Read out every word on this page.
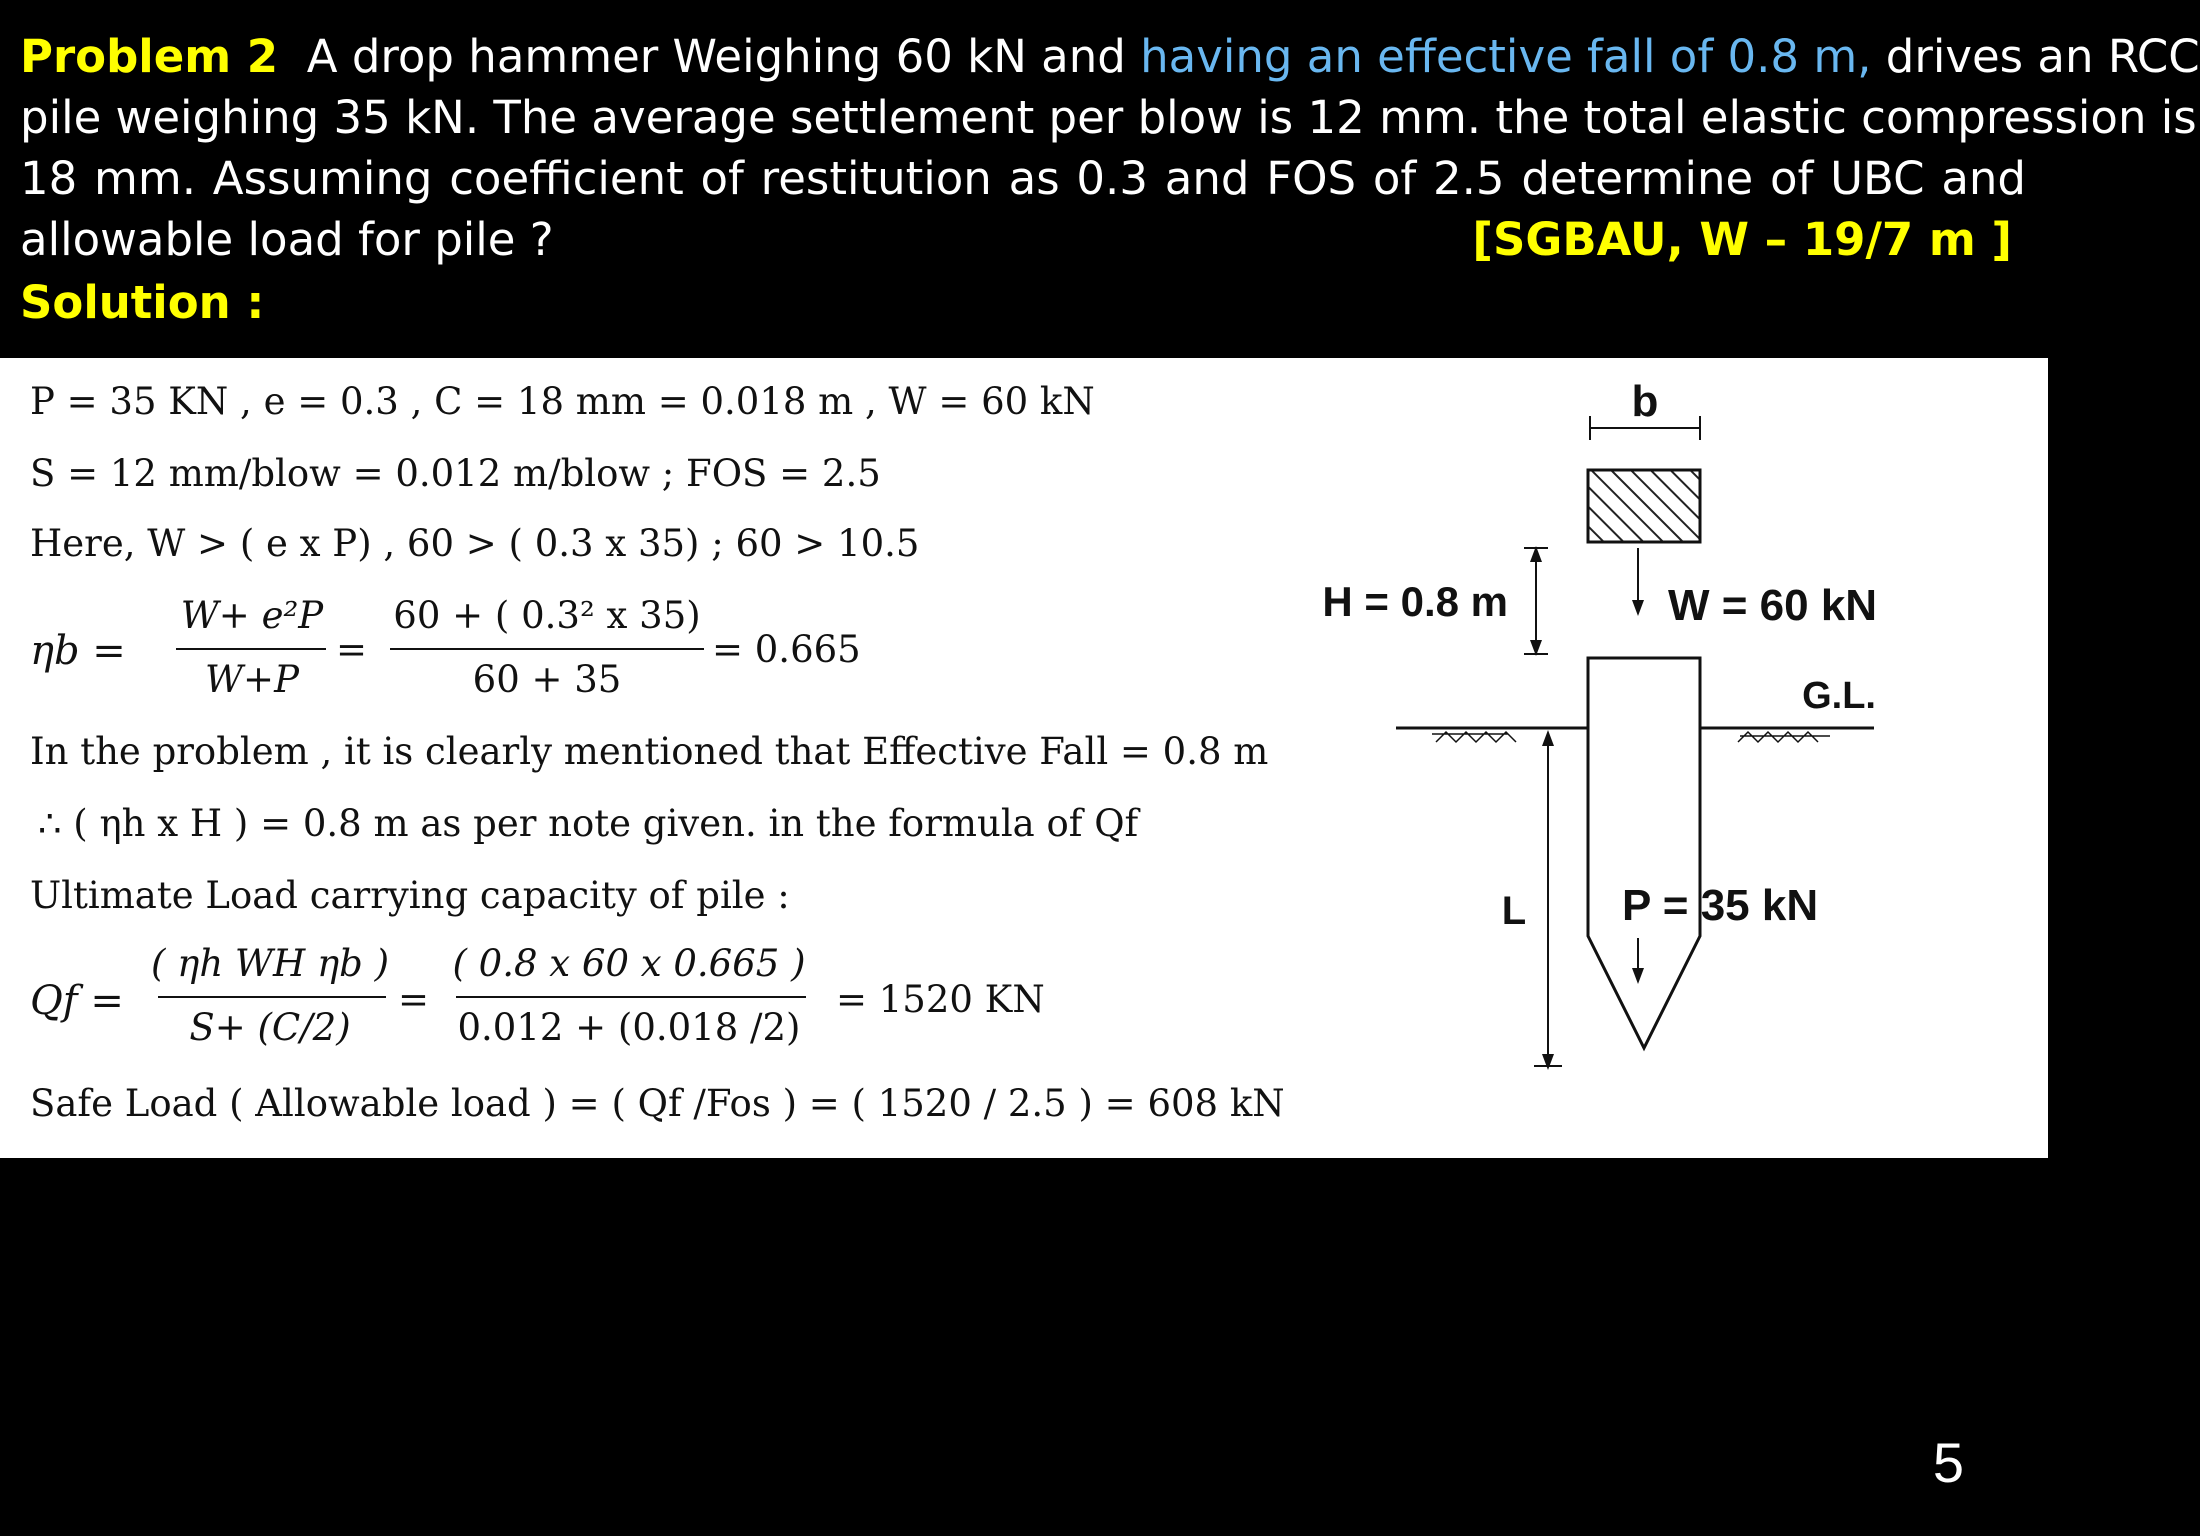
Problem 2 A drop hammer Weighing 60 kN and having an effective fall of 0.8 m, drives an RCC
pile weighing 35 kN. The average settlement per blow is 12 mm. the total elastic compression is
18 mm. Assuming coefficient of restitution as 0.3 and FOS of 2.5 determine of UBC and
allowable load for pile ?	[SGBAU, W – 19/7 m ]
Solution :
P = 35 KN , e = 0.3 , C = 18 mm = 0.018 m , W = 60 kN
S = 12 mm/blow = 0.012 m/blow ; FOS = 2.5
Here, W > ( e x P) , 60 > ( 0.3 x 35) ; 60 > 10.5
ηb =
W+ e²P
W+P
=
60 + ( 0.3² x 35)
60 + 35
= 0.665
In the problem , it is clearly mentioned that Effective Fall = 0.8 m
∴ ( ηh x H ) = 0.8 m as per note given. in the formula of Qf
Ultimate Load carrying capacity of pile :
Qf =
( ηh WH ηb )
S+ (C/2)
=
( 0.8 x 60 x 0.665 )
0.012 + (0.018 /2)
= 1520 KN
Safe Load ( Allowable load ) = ( Qf /Fos ) = ( 1520 / 2.5 ) = 608 kN
b
H = 0.8 m	W = 60 kN
G.L.
L P = 35 kN
5
